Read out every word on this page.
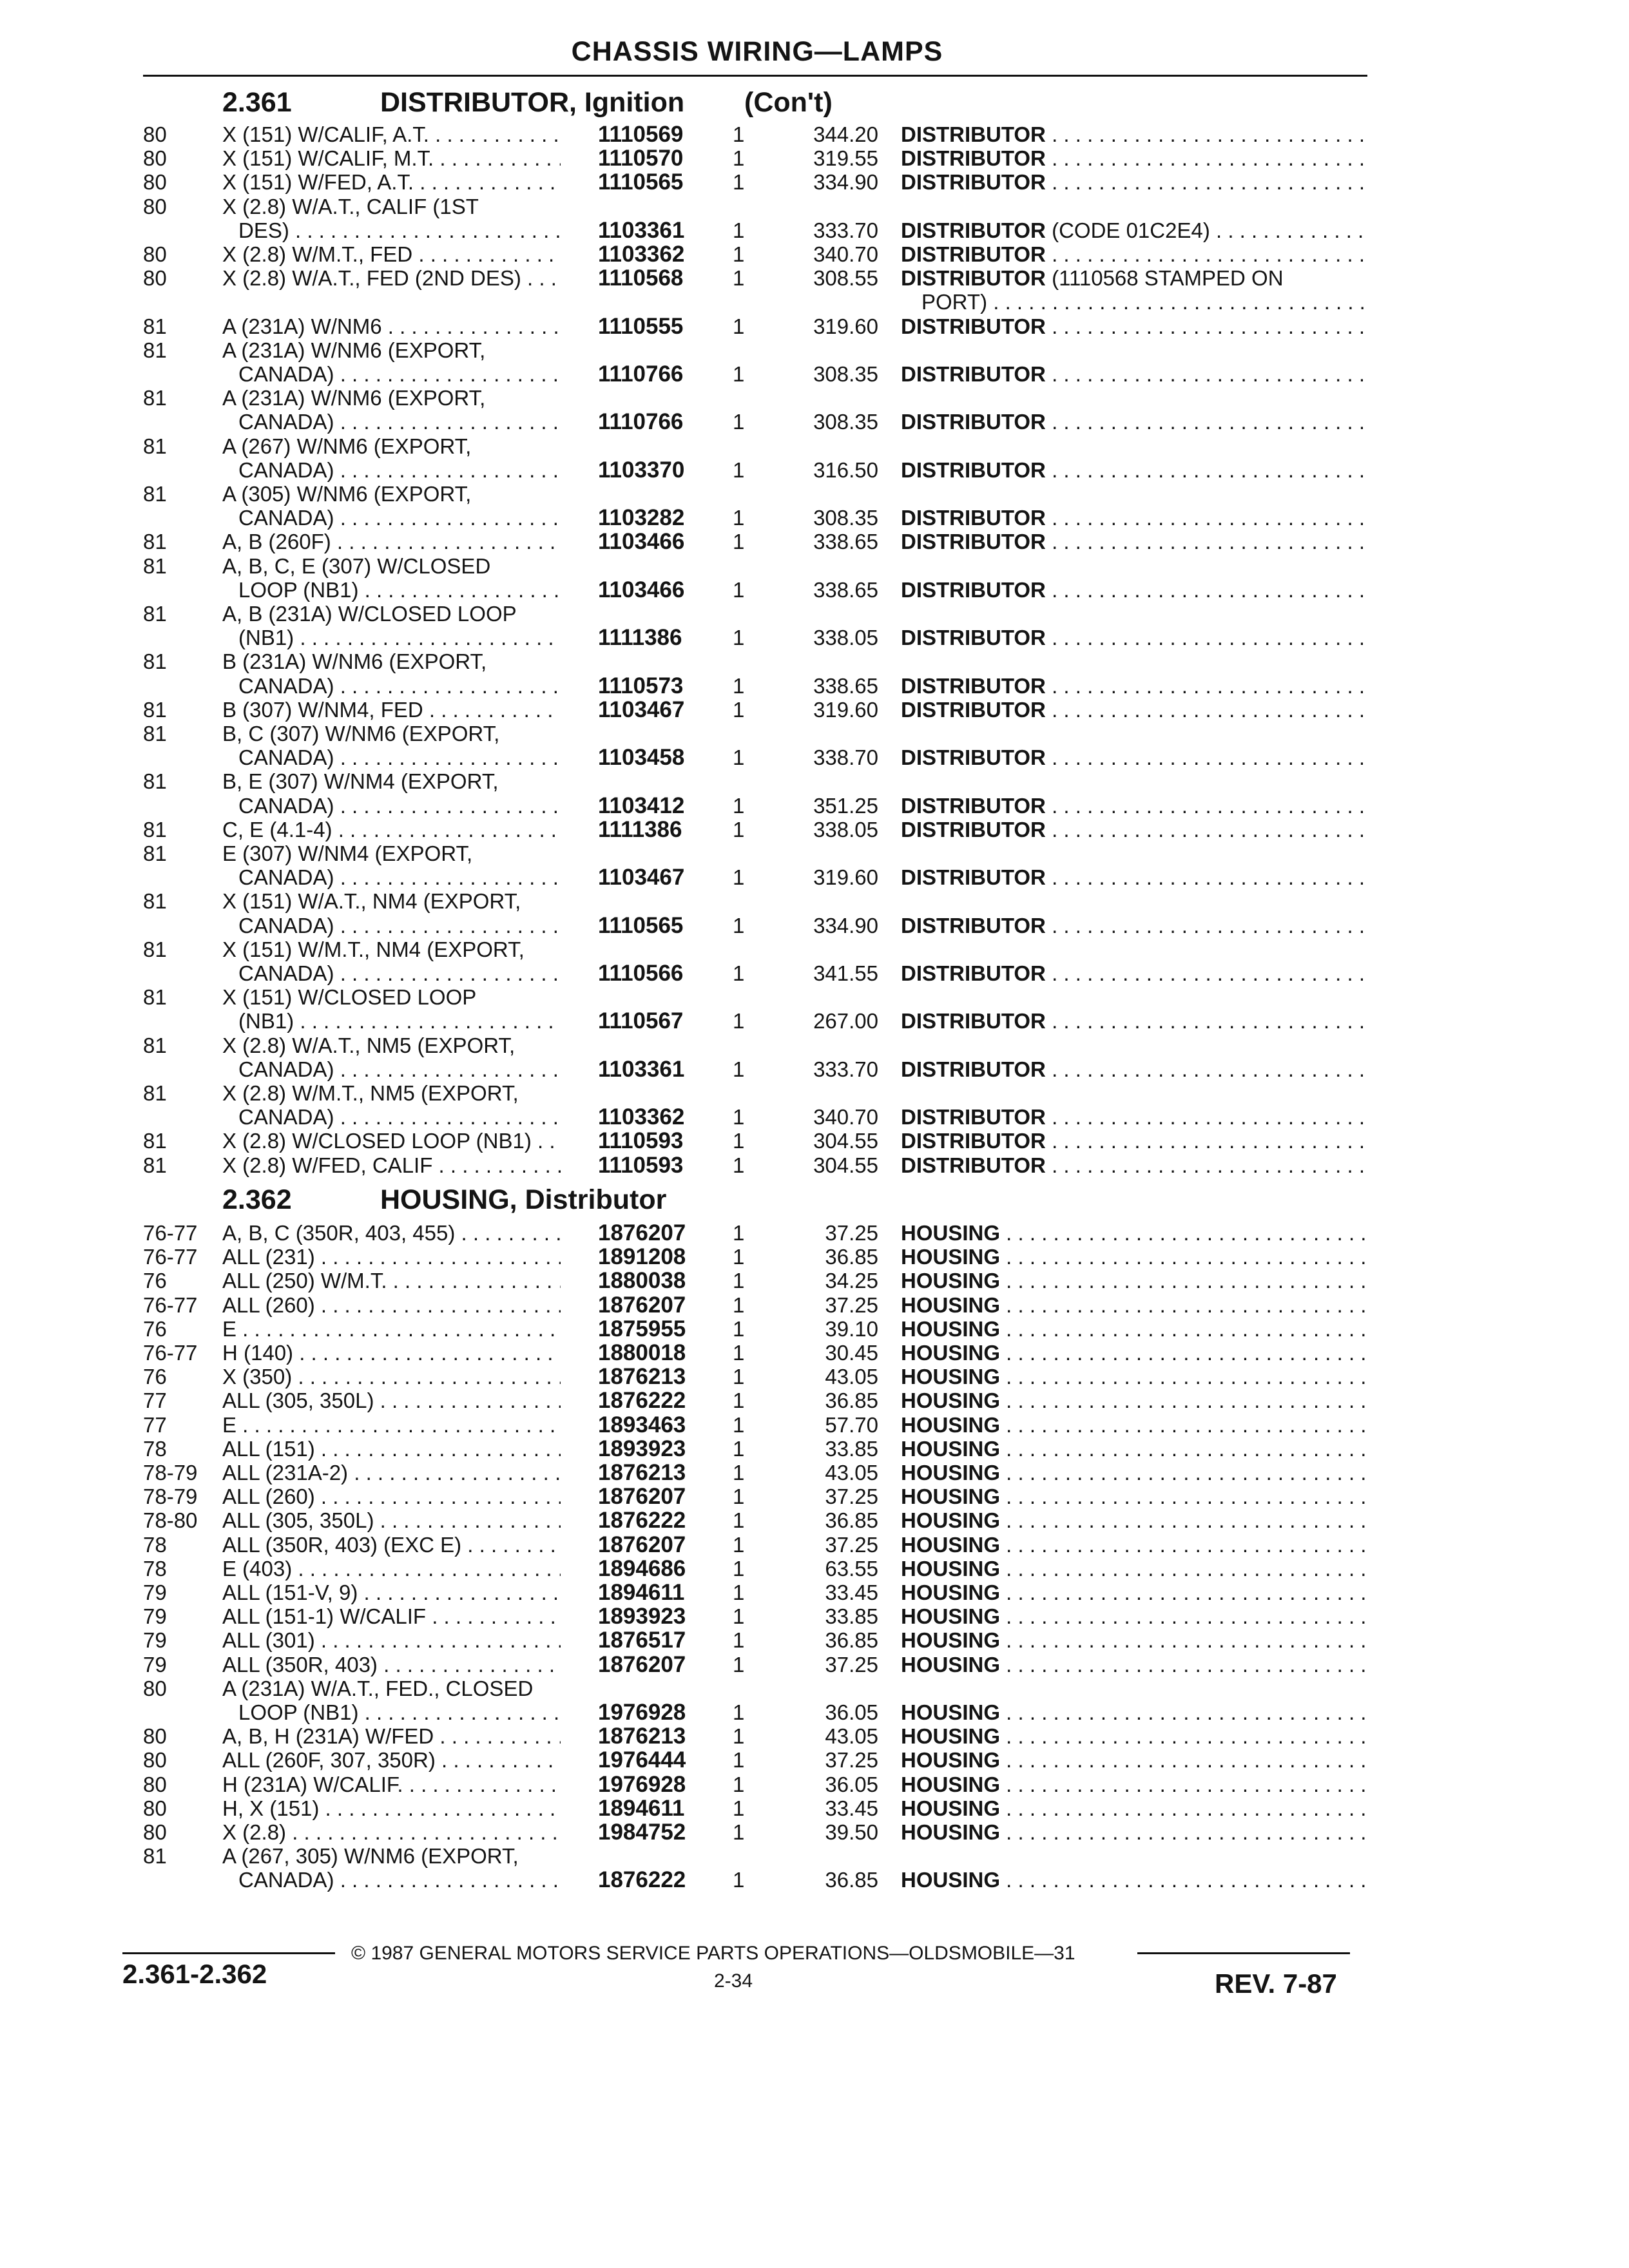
CHASSIS WIRING—LAMPS
2.361	DISTRIBUTOR, Ignition (Con't)
80	X (151) W/CALIF, A.T. . . .	1110569 1	344.20 DISTRIBUTOR . . .
80	X (151) W/CALIF, M.T. . . .	1110570 1	319.55 DISTRIBUTOR . . .
80	X (151) W/FED, A.T. . . .	1110565 1	334.90 DISTRIBUTOR . . .
80	X (2.8) W/A.T., CALIF (1ST
DES) . . .	1103361 1	333.70 DISTRIBUTOR (CODE 01C2E4) . . .
80	X (2.8) W/M.T., FED . . .	1103362 1	340.70 DISTRIBUTOR . . .
80	X (2.8) W/A.T., FED (2ND DES) . . .	1110568 1	308.55 DISTRIBUTOR (1110568 STAMPED ON
PORT) . . .
81	A (231A) W/NM6 . . .	1110555 1	319.60 DISTRIBUTOR . . .
81	A (231A) W/NM6 (EXPORT,
CANADA) . . .	1110766 1	308.35 DISTRIBUTOR . . .
81	A (231A) W/NM6 (EXPORT,
CANADA) . . .	1110766 1	308.35 DISTRIBUTOR . . .
81	A (267) W/NM6 (EXPORT,
CANADA) . . .	1103370 1	316.50 DISTRIBUTOR . . .
81	A (305) W/NM6 (EXPORT,
CANADA) . . .	1103282 1	308.35 DISTRIBUTOR . . .
81	A, B (260F) . . .	1103466 1	338.65 DISTRIBUTOR . . .
81	A, B, C, E (307) W/CLOSED
LOOP (NB1) . . .	1103466 1	338.65 DISTRIBUTOR . . .
81	A, B (231A) W/CLOSED LOOP
(NB1) . . .	1111386 1	338.05 DISTRIBUTOR . . .
81	B (231A) W/NM6 (EXPORT,
CANADA) . . .	1110573 1	338.65 DISTRIBUTOR . . .
81	B (307) W/NM4, FED . . .	1103467 1	319.60 DISTRIBUTOR . . .
81	B, C (307) W/NM6 (EXPORT,
CANADA) . . .	1103458 1	338.70 DISTRIBUTOR . . .
81	B, E (307) W/NM4 (EXPORT,
CANADA) . . .	1103412 1	351.25 DISTRIBUTOR . . .
81	C, E (4.1-4) . . .	1111386 1	338.05 DISTRIBUTOR . . .
81	E (307) W/NM4 (EXPORT,
CANADA) . . .	1103467 1	319.60 DISTRIBUTOR . . .
81	X (151) W/A.T., NM4 (EXPORT,
CANADA) . . .	1110565 1	334.90 DISTRIBUTOR . . .
81	X (151) W/M.T., NM4 (EXPORT,
CANADA) . . .	1110566 1	341.55 DISTRIBUTOR . . .
81	X (151) W/CLOSED LOOP
(NB1) . . .	1110567 1	267.00 DISTRIBUTOR . . .
81	X (2.8) W/A.T., NM5 (EXPORT,
CANADA) . . .	1103361 1	333.70 DISTRIBUTOR . . .
81	X (2.8) W/M.T., NM5 (EXPORT,
CANADA) . . .	1103362 1	340.70 DISTRIBUTOR . . .
81	X (2.8) W/CLOSED LOOP (NB1) . . .	1110593 1	304.55 DISTRIBUTOR . . .
81	X (2.8) W/FED, CALIF . . .	1110593 1	304.55 DISTRIBUTOR . . .
2.362	HOUSING, Distributor
76-77 A, B, C (350R, 403, 455) . . .	1876207 1	37.25 HOUSING . . .
76-77 ALL (231) . . .	1891208 1	36.85 HOUSING . . .
76	ALL (250) W/M.T. . . .	1880038 1	34.25 HOUSING . . .
76-77 ALL (260) . . .	1876207 1	37.25 HOUSING . . .
76	E . . .	1875955 1	39.10 HOUSING . . .
76-77 H (140) . . .	1880018 1	30.45 HOUSING . . .
76	X (350) . . .	1876213 1	43.05 HOUSING . . .
77	ALL (305, 350L) . . .	1876222 1	36.85 HOUSING . . .
77	E . . .	1893463 1	57.70 HOUSING . . .
78	ALL (151) . . .	1893923 1	33.85 HOUSING . . .
78-79 ALL (231A-2) . . .	1876213 1	43.05 HOUSING . . .
78-79 ALL (260) . . .	1876207 1	37.25 HOUSING . . .
78-80 ALL (305, 350L) . . .	1876222 1	36.85 HOUSING . . .
78	ALL (350R, 403) (EXC E) . . .	1876207 1	37.25 HOUSING . . .
78	E (403) . . .	1894686 1	63.55 HOUSING . . .
79	ALL (151-V, 9) . . .	1894611 1	33.45 HOUSING . . .
79	ALL (151-1) W/CALIF . . .	1893923 1	33.85 HOUSING . . .
79	ALL (301) . . .	1876517 1	36.85 HOUSING . . .
79	ALL (350R, 403) . . .	1876207 1	37.25 HOUSING . . .
80	A (231A) W/A.T., FED., CLOSED
LOOP (NB1) . . .	1976928 1	36.05 HOUSING . . .
80	A, B, H (231A) W/FED . . .	1876213 1	43.05 HOUSING . . .
80	ALL (260F, 307, 350R) . . .	1976444 1	37.25 HOUSING . . .
80	H (231A) W/CALIF. . . .	1976928 1	36.05 HOUSING . . .
80	H, X (151) . . .	1894611 1	33.45 HOUSING . . .
80	X (2.8) . . .	1984752 1	39.50 HOUSING . . .
81	A (267, 305) W/NM6 (EXPORT,
CANADA) . . .	1876222 1	36.85 HOUSING . . .
© 1987 GENERAL MOTORS SERVICE PARTS OPERATIONS—OLDSMOBILE—31
2.361-2.362	2-34	REV. 7-87
